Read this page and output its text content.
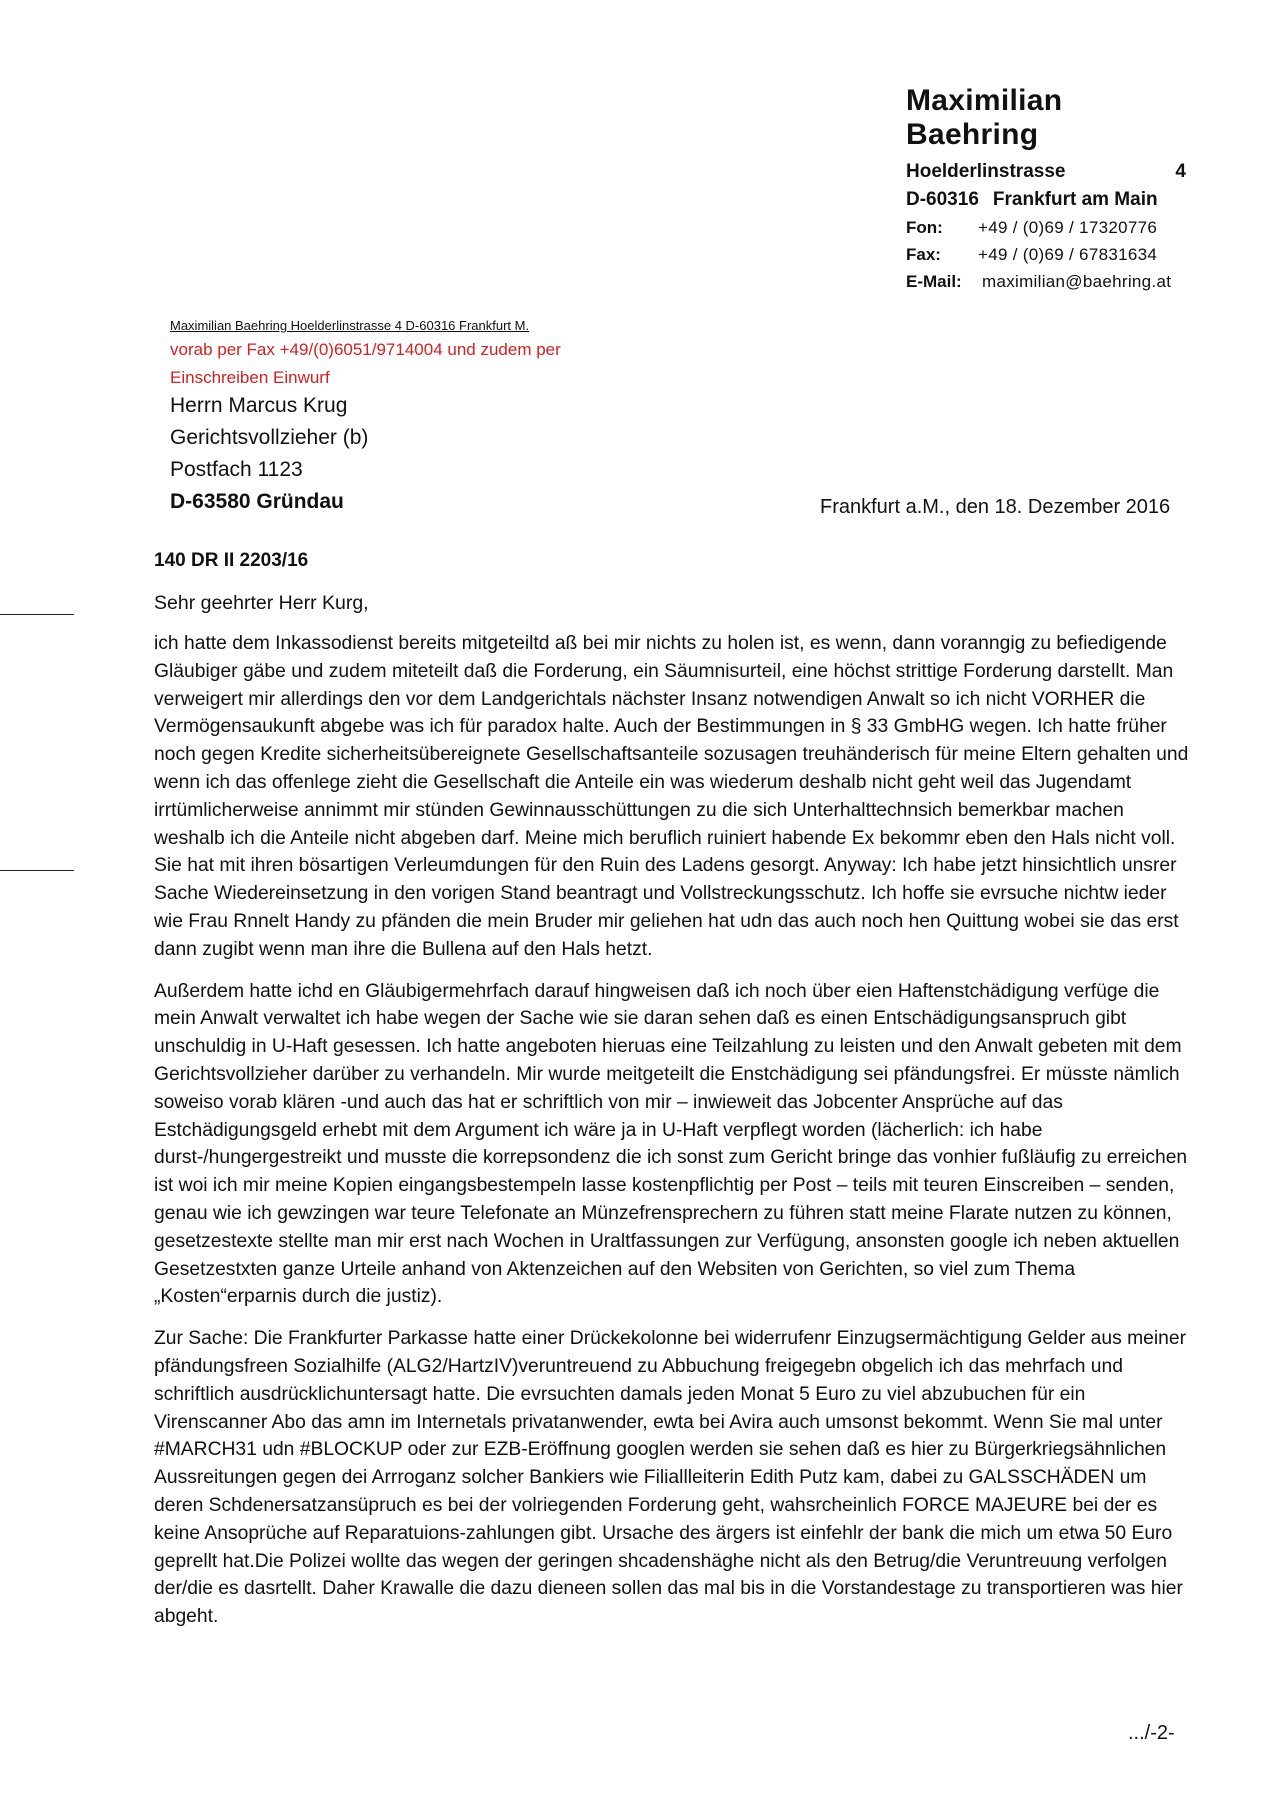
Maximilian Baehring
Hoelderlinstrasse	4
D-60316 Frankfurt am Main
Fon:	+49 / (0)69 / 17320776
Fax:	+49 / (0)69 / 67831634
E-Mail:	maximilian@baehring.at
Maximilian Baehring Hoelderlinstrasse 4 D-60316 Frankfurt M.
vorab per Fax +49/(0)6051/9714004 und zudem per Einschreiben Einwurf
Herrn Marcus Krug
Gerichtsvollzieher (b)
Postfach 1123
D-63580 Gründau	Frankfurt a.M., den 18. Dezember 2016
140 DR II 2203/16
Sehr geehrter Herr Kurg,

ich hatte dem Inkassodienst bereits mitgeteiltd aß bei mir nichts zu holen ist, es wenn, dann voranngig zu befiedigende Gläubiger gäbe und zudem miteteilt daß die Forderung, ein Säumnisurteil, eine höchst strittige Forderung darstellt. Man verweigert mir allerdings den vor dem Landgerichtals nächster Insanz notwendigen Anwalt so ich nicht VORHER die Vermögensaukunft abgebe was ich für paradox halte. Auch der Bestimmungen in § 33 GmbHG wegen. Ich hatte früher noch gegen Kredite sicherheitsübereignete Gesellschaftsanteile sozusagen treuhänderisch für meine Eltern gehalten und wenn ich das offenlege zieht die Gesellschaft die Anteile ein was wiederum deshalb nicht geht weil das Jugendamt irrtümlicherweise annimmt mir stünden Gewinnausschüttungen zu die sich Unterhalttechnsich bemerkbar machen weshalb ich die Anteile nicht abgeben darf. Meine mich beruflich ruiniert habende Ex bekommr eben den Hals nicht voll. Sie hat mit ihren bösartigen Verleumdungen für den Ruin des Ladens gesorgt. Anyway: Ich habe jetzt hinsichtlich unsrer Sache Wiedereinsetzung in den vorigen Stand beantragt und Vollstreckungsschutz. Ich hoffe sie evrsuche nichtw ieder wie Frau Rnnelt Handy zu pfänden die mein Bruder mir geliehen hat udn das auch noch hen Quittung wobei sie das erst dann zugibt wenn man ihre die Bullena auf den Hals hetzt.

Außerdem hatte ichd en Gläubigermehrfach darauf hingweisen daß ich noch über eien Haftenstchädigung verfüge die mein Anwalt verwaltet ich habe wegen der Sache wie sie daran sehen daß es einen Entschädigungsanspruch gibt unschuldig in U-Haft gesessen. Ich hatte angeboten hieruas eine Teilzahlung zu leisten und den Anwalt gebeten mit dem Gerichtsvollzieher darüber zu verhandeln. Mir wurde meitgeteilt die Enstchädigung sei pfändungsfrei. Er müsste nämlich soweiso vorab klären -und auch das hat er schriftlich von mir – inwieweit das Jobcenter Ansprüche auf das Estchädigungsgeld erhebt mit dem Argument ich wäre ja in U-Haft verpflegt worden (lächerlich: ich habe durst-/hungergestreikt und musste die korrepsondenz die ich sonst zum Gericht bringe das vonhier fußläufig zu erreichen ist woi ich mir meine Kopien eingangsbestempeln lasse kostenpflichtig per Post – teils mit teuren Einscreiben – senden, genau wie ich gewzingen war teure Telefonate an Münzefrensprechern zu führen statt meine Flarate nutzen zu können, gesetzestexte stellte man mir erst nach Wochen in Uraltfassungen zur Verfügung, ansonsten google ich neben aktuellen Gesetzestxten ganze Urteile anhand von Aktenzeichen auf den Websiten von Gerichten, so viel zum Thema „Kosten“erparnis durch die justiz).

Zur Sache: Die Frankfurter Parkasse hatte einer Drückekolonne bei widerrufenr Einzugsermächtigung Gelder aus meiner pfändungsfreen Sozialhilfe (ALG2/HartzIV)veruntreuend zu Abbuchung freigegebn obgelich ich das mehrfach und schriftlich ausdrücklichuntersagt hatte. Die evrsuchten damals jeden Monat 5 Euro zu viel abzubuchen für ein Virenscanner Abo das amn im Internetals privatanwender, ewta bei Avira auch umsonst bekommt. Wenn Sie mal unter #MARCH31 udn #BLOCKUP oder zur EZB-Eröffnung googlen werden sie sehen daß es hier zu Bürgerkriegsähnlichen Aussreitungen gegen dei Arrroganz solcher Bankiers wie Filiallleiterin Edith Putz kam, dabei zu GALSSCHÄDEN um deren Schdenersatzansüpruch es bei der volriegenden Forderung geht, wahsrcheinlich FORCE MAJEURE bei der es keine Ansoprüche auf Reparatuions-zahlungen gibt. Ursache des ärgers ist einfehlr der bank die mich um etwa 50 Euro geprellt hat.Die Polizei wollte das wegen der geringen shcadenshäghe nicht als den Betrug/die Veruntreuung verfolgen der/die es dasrtellt. Daher Krawalle die dazu dieneen sollen das mal bis in die Vorstandestage zu transportieren was hier abgeht.

.../-2-
